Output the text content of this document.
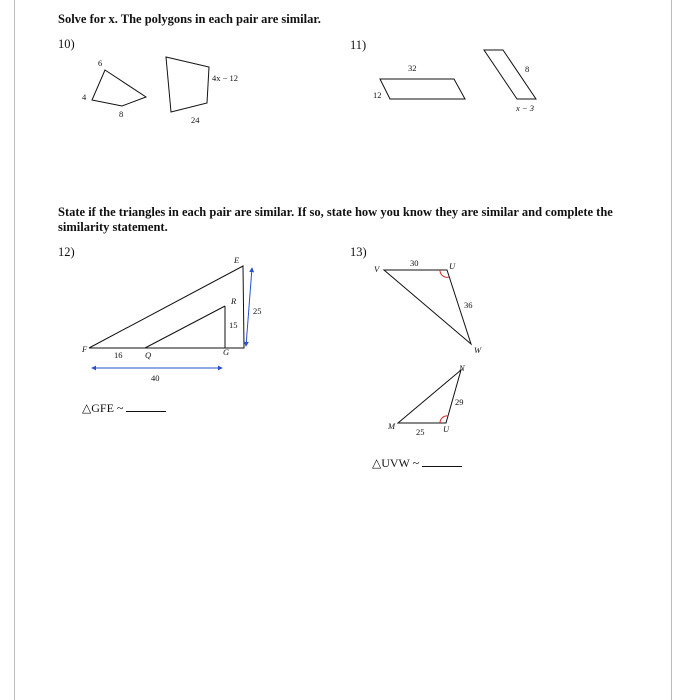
Solve for x. The polygons in each pair are similar.
10)	11)
State if the triangles in each pair are similar. If so, state how you know they are similar and complete the similarity statement.
12)	13)
△GFE ~
△UVW ~
6
4
8
4x − 12
24
32
12
8
x − 3
E
R
F
Q	G
25
15
16
40
V	U
W
N
M	U
30
36
29
25
